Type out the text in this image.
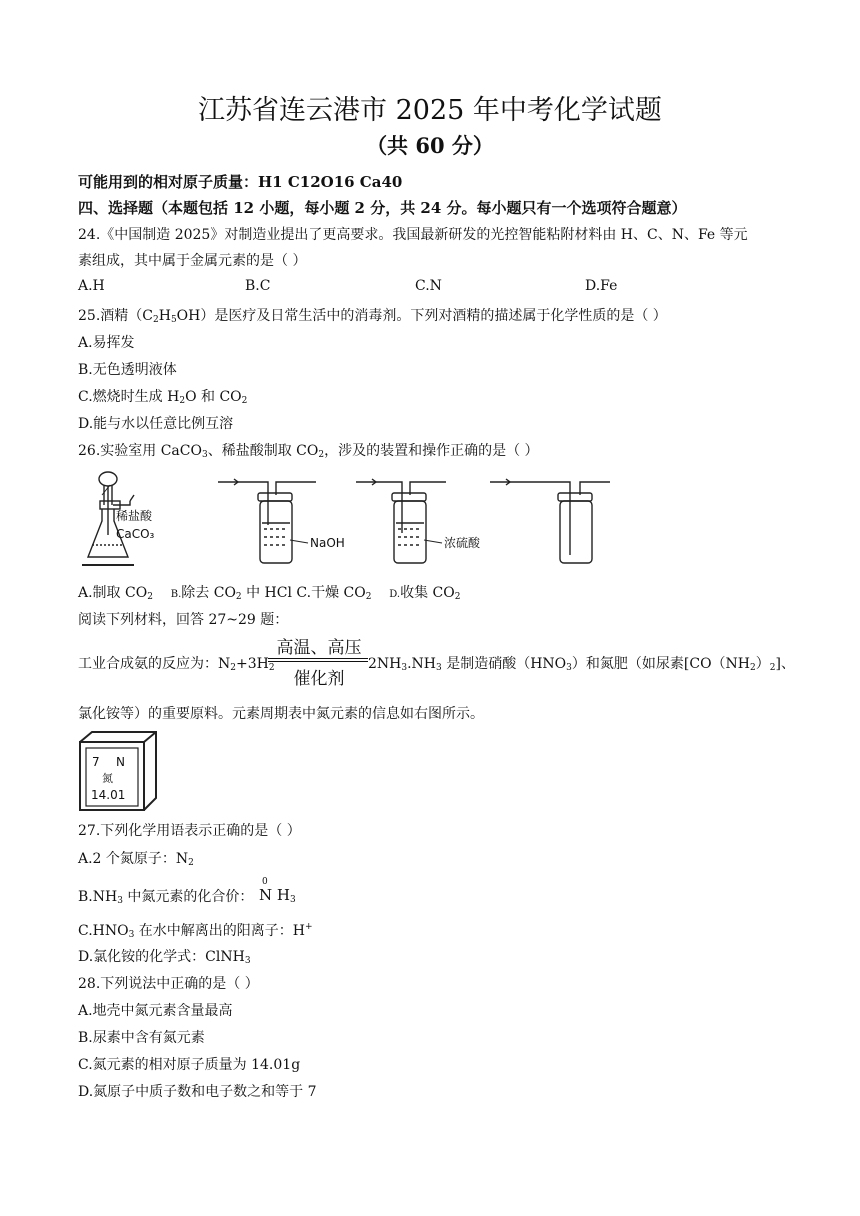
江苏省连云港市 2025 年中考化学试题
（共 60 分）
可能用到的相对原子质量：H1 C12O16 Ca40
四、选择题（本题包括 12 小题，每小题 2 分，共 24 分。每小题只有一个选项符合题意）
24.《中国制造 2025》对制造业提出了更高要求。我国最新研发的光控智能粘附材料由 H、C、N、Fe 等元
素组成，其中属于金属元素的是（ ）
A.H	B.C	C.N	D.Fe
25.酒精$(C_2H_5OH)$是医疗及日常生活中的消毒剂。下列对酒精的描述属于化学性质的是（ ）
A.易挥发
B.无色透明液体
C.燃烧时生成 $H_2O$ 和 $CO_2$
D.能与水以任意比例互溶
26.实验室用 CaCO$_3$、稀盐酸制取 $CO_2$，涉及的装置和操作正确的是（ ）
稀盐酸
CaCO₃
NaOH	浓硫酸
A.制取 $CO_2$ B.除去 $CO_2$ 中 HCl C.干燥 $CO_2$ D.收集 $CO_2$
阅读下列材料，回答 27~29 题：
高温、高压
催化剂
工业合成氨的反应为：$N_2+3H_2$	$2NH_3.NH_3$ 是制造硝酸$(HNO_3)$和氮肥（如尿素$[CO(NH_2)_2]$、
氯化铵等）的重要原料。元素周期表中氮元素的信息如右图所示。
7 N
氮
14.01
27.下列化学用语表示正确的是（ ）
A.2 个氮原子：$N_2$
$B.NH_3$ 中氮元素的化合价：
0
N $H_3$
$C.HNO_3$ 在水中解离出的阳离子：H+
D.氯化铵的化学式：ClNH$_3$
28.下列说法中正确的是（ ）
A.地壳中氮元素含量最高
B.尿素中含有氮元素
C.氮元素的相对原子质量为 14.01g
D.氮原子中质子数和电子数之和等于 7
